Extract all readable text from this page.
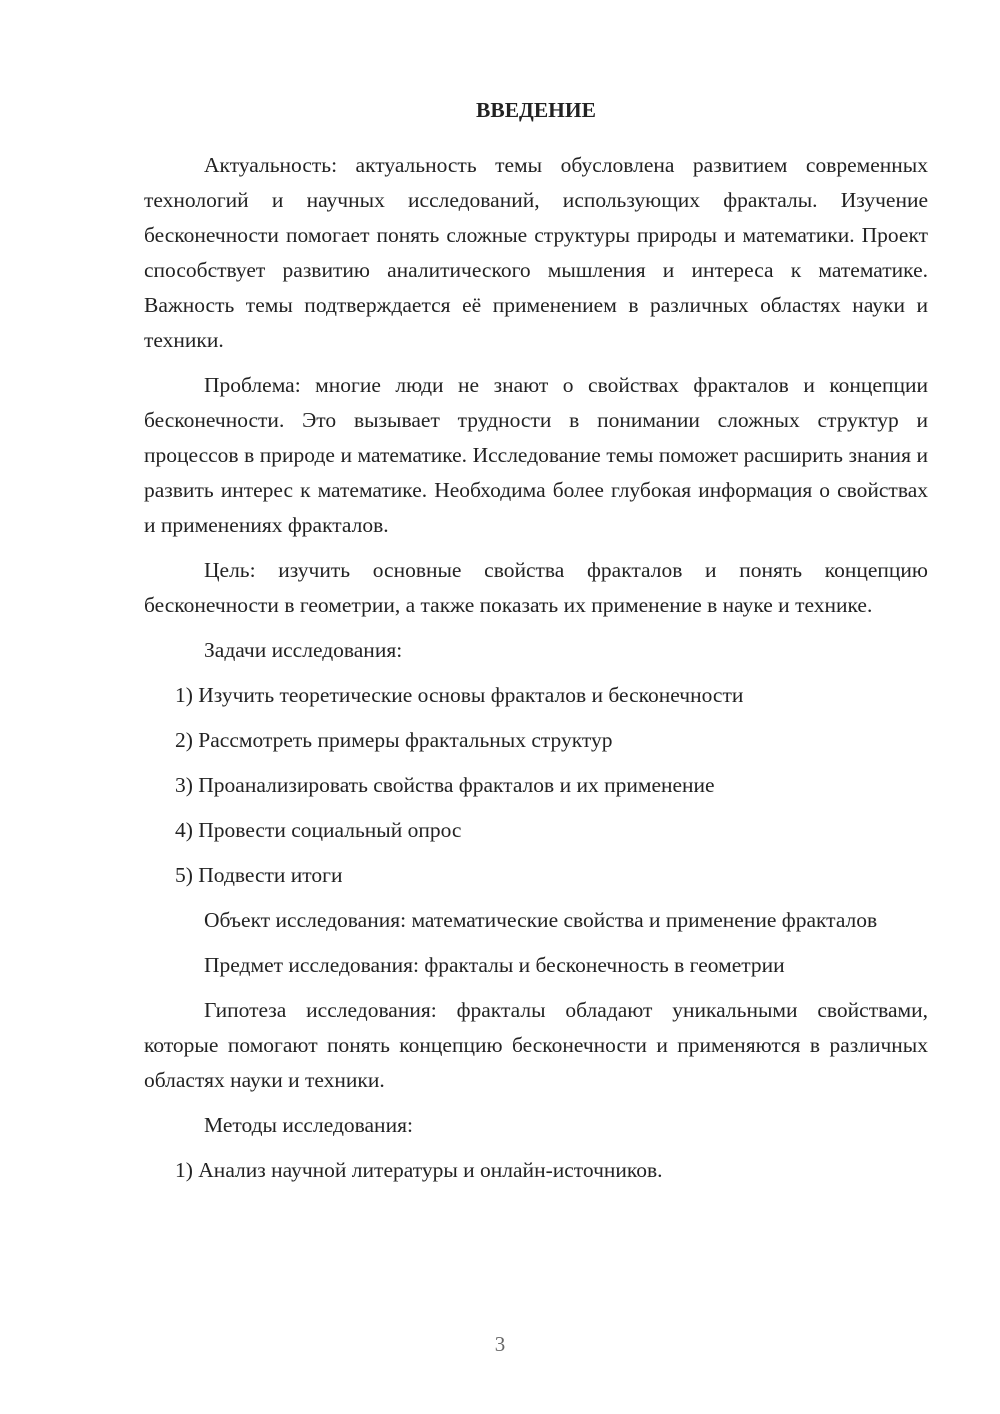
ВВЕДЕНИЕ

Актуальность: актуальность темы обусловлена развитием современных технологий и научных исследований, использующих фракталы. Изучение бесконечности помогает понять сложные структуры природы и математики. Проект способствует развитию аналитического мышления и интереса к математике. Важность темы подтверждается её применением в различных областях науки и техники.

Проблема: многие люди не знают о свойствах фракталов и концепции бесконечности. Это вызывает трудности в понимании сложных структур и процессов в природе и математике. Исследование темы поможет расширить знания и развить интерес к математике. Необходима более глубокая информация о свойствах и применениях фракталов.

Цель: изучить основные свойства фракталов и понять концепцию бесконечности в геометрии, а также показать их применение в науке и технике.

Задачи исследования:

1) Изучить теоретические основы фракталов и бесконечности

2) Рассмотреть примеры фрактальных структур

3) Проанализировать свойства фракталов и их применение

4) Провести социальный опрос

5) Подвести итоги

Объект исследования: математические свойства и применение фракталов

Предмет исследования: фракталы и бесконечность в геометрии

Гипотеза исследования: фракталы обладают уникальными свойствами, которые помогают понять концепцию бесконечности и применяются в различных областях науки и техники.

Методы исследования:

1) Анализ научной литературы и онлайн-источников.

3
